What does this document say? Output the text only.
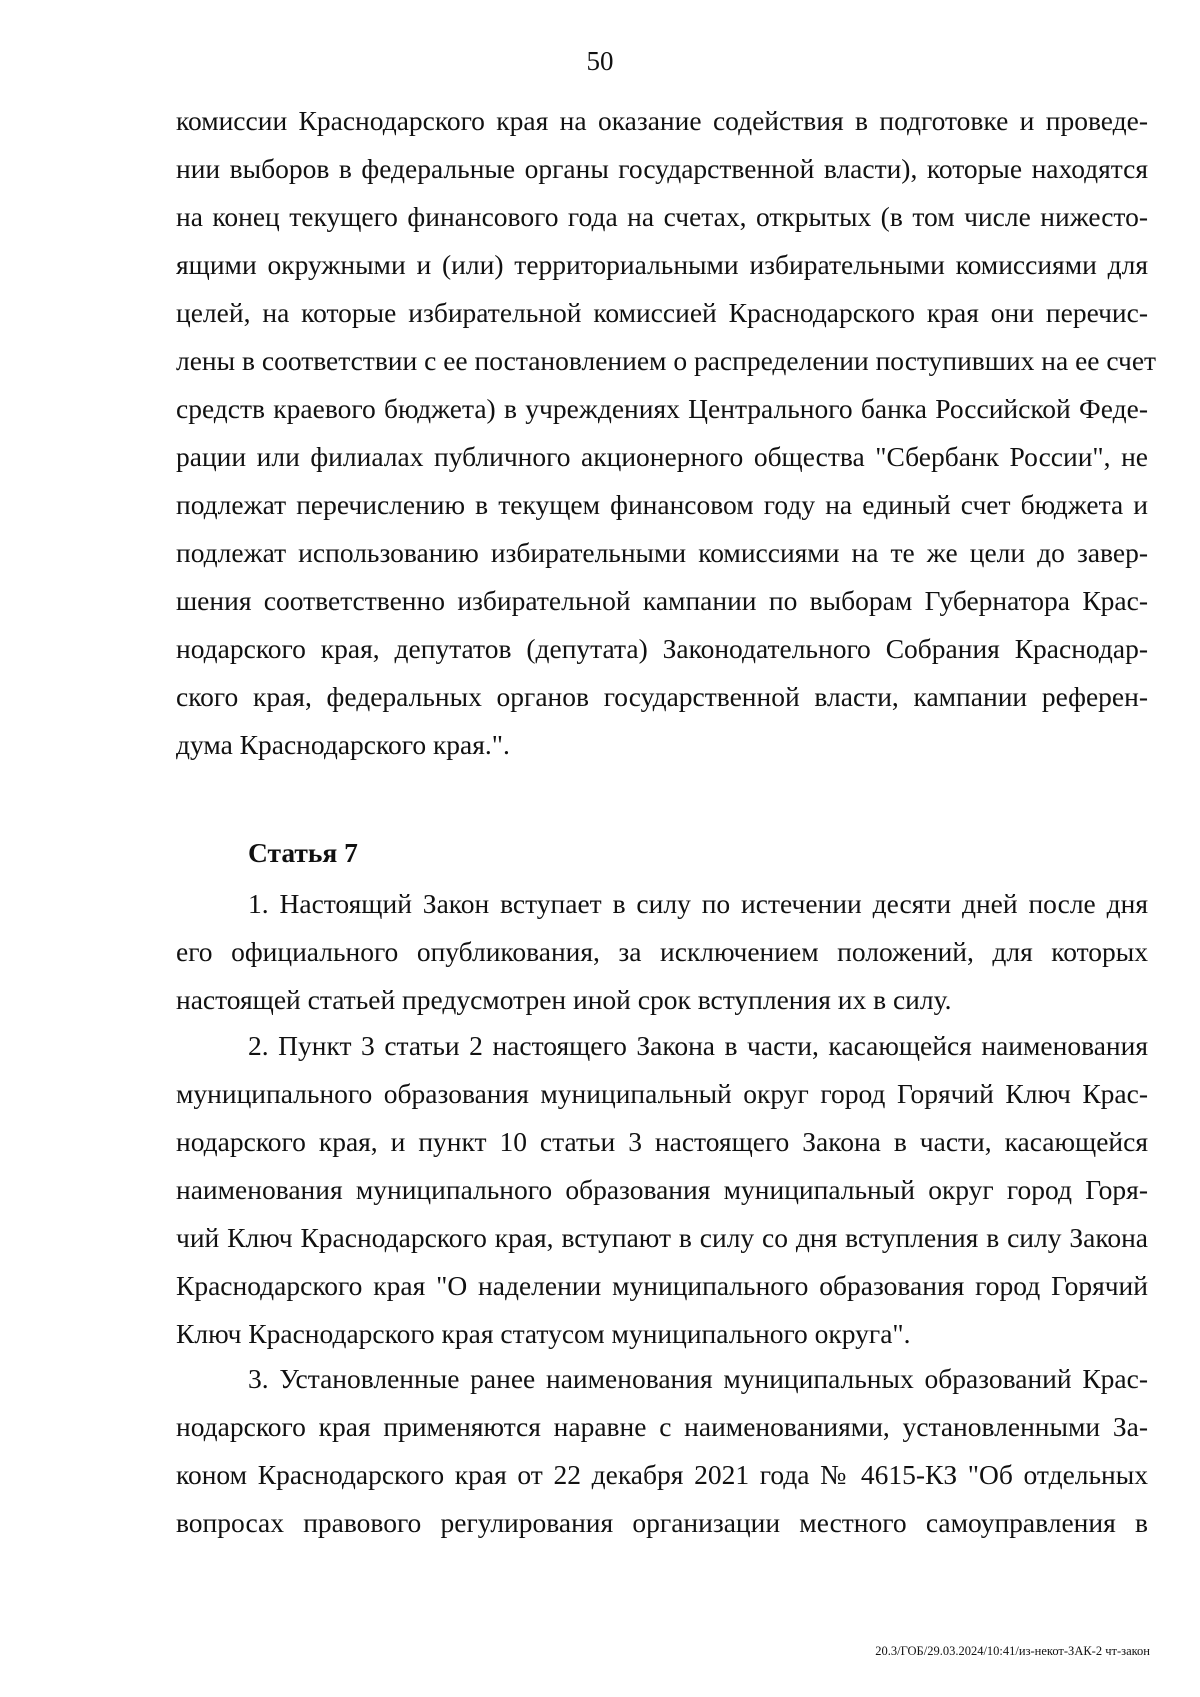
50
комиссии Краснодарского края на оказание содействия в подготовке и проведе-
нии выборов в федеральные органы государственной власти), которые находятся
на конец текущего финансового года на счетах, открытых (в том числе нижесто-
ящими окружными и (или) территориальными избирательными комиссиями для
целей, на которые избирательной комиссией Краснодарского края они перечис-
лены в соответствии с ее постановлением о распределении поступивших на ее счет
средств краевого бюджета) в учреждениях Центрального банка Российской Феде-
рации или филиалах публичного акционерного общества "Сбербанк России", не
подлежат перечислению в текущем финансовом году на единый счет бюджета и
подлежат использованию избирательными комиссиями на те же цели до завер-
шения соответственно избирательной кампании по выборам Губернатора Крас-
нодарского края, депутатов (депутата) Законодательного Собрания Краснодар-
ского края, федеральных органов государственной власти, кампании референ-
дума Краснодарского края.".
Статья 7
1. Настоящий Закон вступает в силу по истечении десяти дней после дня
его официального опубликования, за исключением положений, для которых
настоящей статьей предусмотрен иной срок вступления их в силу.
2. Пункт 3 статьи 2 настоящего Закона в части, касающейся наименования
муниципального образования муниципальный округ город Горячий Ключ Крас-
нодарского края, и пункт 10 статьи 3 настоящего Закона в части, касающейся
наименования муниципального образования муниципальный округ город Горя-
чий Ключ Краснодарского края, вступают в силу со дня вступления в силу Закона
Краснодарского края "О наделении муниципального образования город Горячий
Ключ Краснодарского края статусом муниципального округа".
3. Установленные ранее наименования муниципальных образований Крас-
нодарского края применяются наравне с наименованиями, установленными За-
коном Краснодарского края от 22 декабря 2021 года № 4615-КЗ "Об отдельных
вопросах правового регулирования организации местного самоуправления в
20.3/ГОБ/29.03.2024/10:41/из-некот-ЗАК-2 чт-закон
